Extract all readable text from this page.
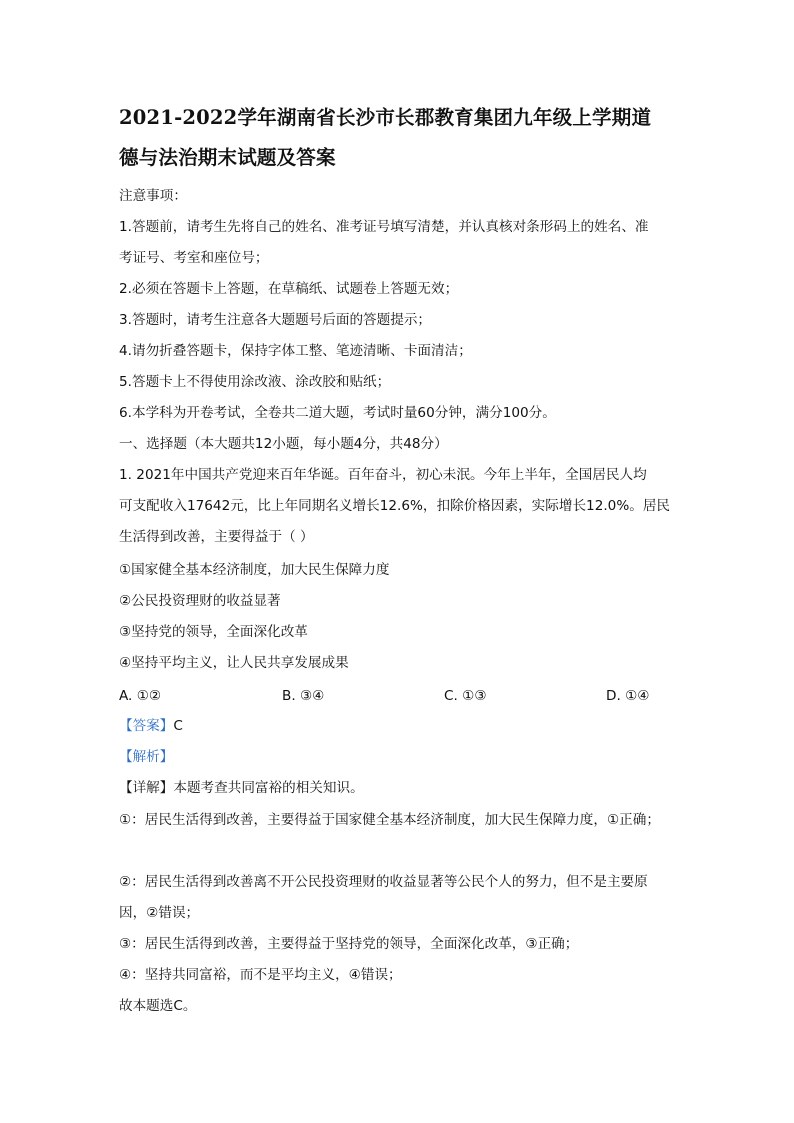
2021-2022学年湖南省长沙市长郡教育集团九年级上学期道
德与法治期末试题及答案
注意事项：
1.答题前，请考生先将自己的姓名、准考证号填写清楚，并认真核对条形码上的姓名、准
考证号、考室和座位号；
2.必须在答题卡上答题，在草稿纸、试题卷上答题无效；
3.答题时，请考生注意各大题题号后面的答题提示；
4.请勿折叠答题卡，保持字体工整、笔迹清晰、卡面清洁；
5.答题卡上不得使用涂改液、涂改胶和贴纸；
6.本学科为开卷考试，全卷共二道大题，考试时量60分钟，满分100分。
一、选择题（本大题共12小题，每小题4分，共48分）
1. 2021年中国共产党迎来百年华诞。百年奋斗，初心未泯。今年上半年，全国居民人均
可支配收入17642元，比上年同期名义增长12.6%，扣除价格因素，实际增长12.0%。居民
生活得到改善，主要得益于（ ）
①国家健全基本经济制度，加大民生保障力度
②公民投资理财的收益显著
③坚持党的领导，全面深化改革
④坚持平均主义，让人民共享发展成果
A. ①②	B. ③④	C. ①③	D. ①④
【答案】C
【解析】
【详解】本题考查共同富裕的相关知识。
①：居民生活得到改善，主要得益于国家健全基本经济制度，加大民生保障力度，①正确；
②：居民生活得到改善离不开公民投资理财的收益显著等公民个人的努力，但不是主要原
因，②错误；
③：居民生活得到改善，主要得益于坚持党的领导，全面深化改革，③正确；
④：坚持共同富裕，而不是平均主义，④错误；
故本题选C。
